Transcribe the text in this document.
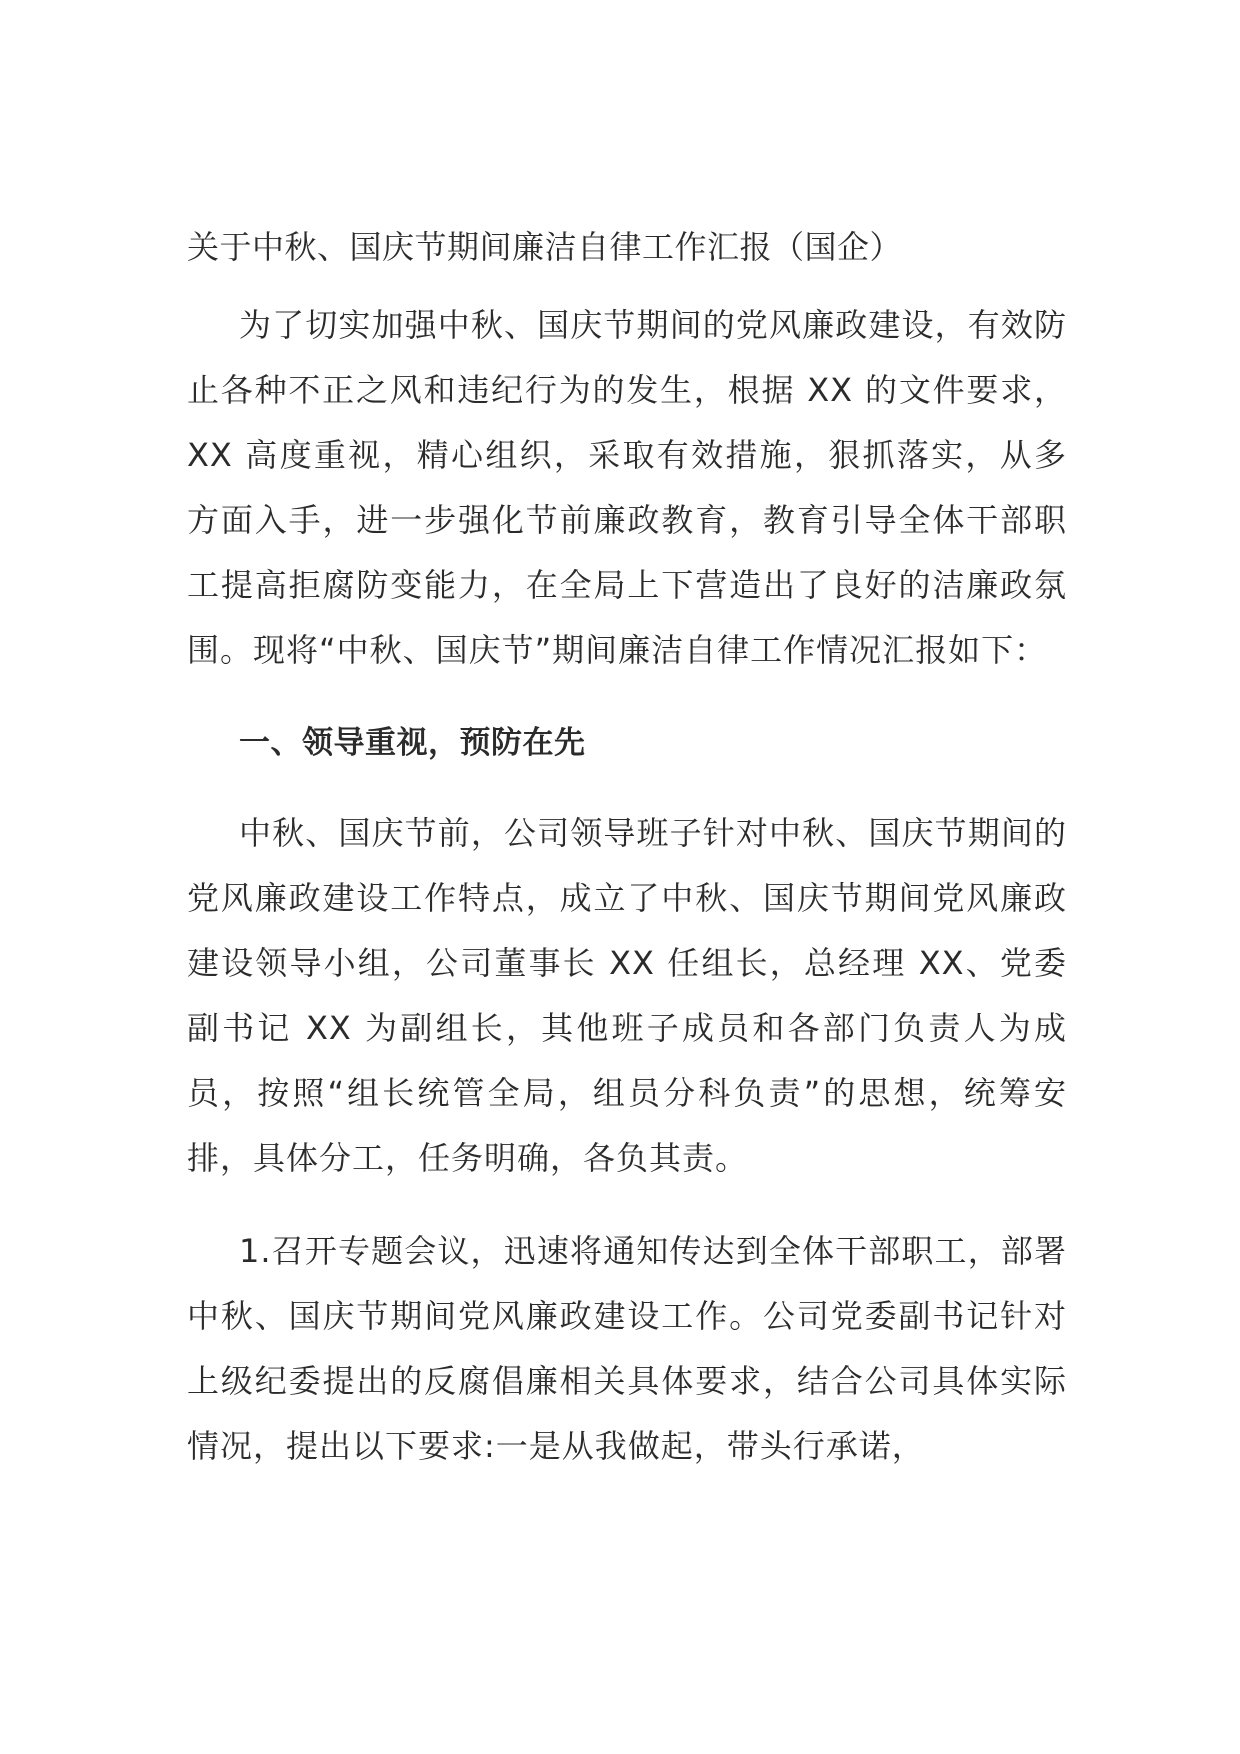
关于中秋、国庆节期间廉洁自律工作汇报（国企）

为了切实加强中秋、国庆节期间的党风廉政建设，有效防止各种不正之风和违纪行为的发生，根据 XX 的文件要求，XX 高度重视，精心组织，采取有效措施，狠抓落实，从多方面入手，进一步强化节前廉政教育，教育引导全体干部职工提高拒腐防变能力，在全局上下营造出了良好的洁廉政氛围。现将“中秋、国庆节”期间廉洁自律工作情况汇报如下：

一、领导重视，预防在先

中秋、国庆节前，公司领导班子针对中秋、国庆节期间的党风廉政建设工作特点，成立了中秋、国庆节期间党风廉政建设领导小组，公司董事长 XX 任组长，总经理 XX、党委副书记 XX 为副组长，其他班子成员和各部门负责人为成员，按照“组长统管全局，组员分科负责”的思想，统筹安排，具体分工，任务明确，各负其责。

1.召开专题会议，迅速将通知传达到全体干部职工，部署中秋、国庆节期间党风廉政建设工作。公司党委副书记针对上级纪委提出的反腐倡廉相关具体要求，结合公司具体实际情况，提出以下要求:一是从我做起，带头行承诺，
